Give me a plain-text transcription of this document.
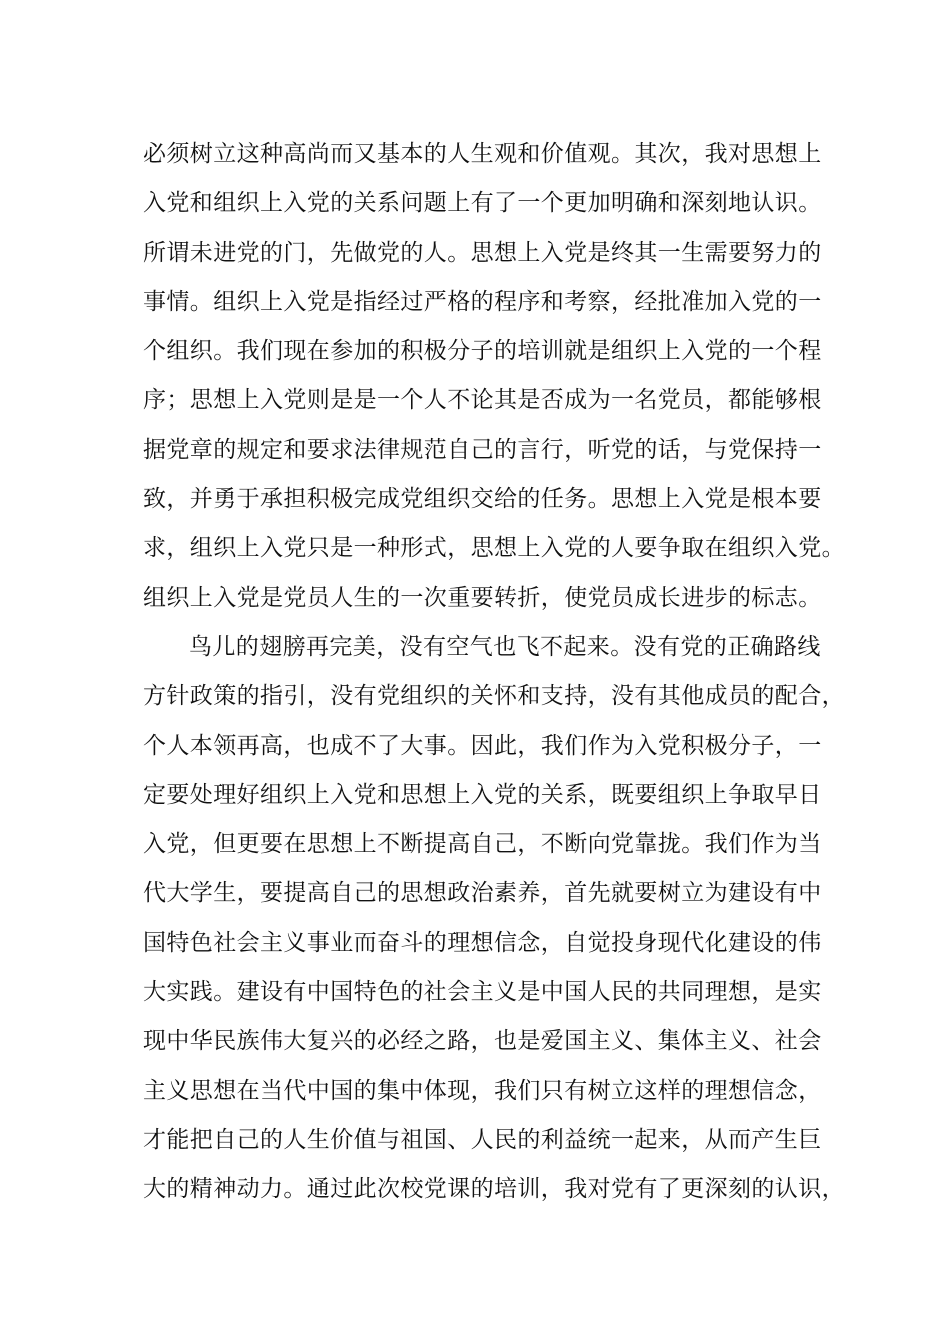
必须树立这种高尚而又基本的人生观和价值观。其次，我对思想上
入党和组织上入党的关系问题上有了一个更加明确和深刻地认识。
所谓未进党的门，先做党的人。思想上入党是终其一生需要努力的
事情。组织上入党是指经过严格的程序和考察，经批准加入党的一
个组织。我们现在参加的积极分子的培训就是组织上入党的一个程
序；思想上入党则是是一个人不论其是否成为一名党员，都能够根
据党章的规定和要求法律规范自己的言行，听党的话，与党保持一
致，并勇于承担积极完成党组织交给的任务。思想上入党是根本要
求，组织上入党只是一种形式，思想上入党的人要争取在组织入党。
组织上入党是党员人生的一次重要转折，使党员成长进步的标志。
鸟儿的翅膀再完美，没有空气也飞不起来。没有党的正确路线
方针政策的指引，没有党组织的关怀和支持，没有其他成员的配合，
个人本领再高，也成不了大事。因此，我们作为入党积极分子，一
定要处理好组织上入党和思想上入党的关系，既要组织上争取早日
入党，但更要在思想上不断提高自己，不断向党靠拢。我们作为当
代大学生，要提高自己的思想政治素养，首先就要树立为建设有中
国特色社会主义事业而奋斗的理想信念，自觉投身现代化建设的伟
大实践。建设有中国特色的社会主义是中国人民的共同理想，是实
现中华民族伟大复兴的必经之路，也是爱国主义、集体主义、社会
主义思想在当代中国的集中体现，我们只有树立这样的理想信念，
才能把自己的人生价值与祖国、人民的利益统一起来，从而产生巨
大的精神动力。通过此次校党课的培训，我对党有了更深刻的认识，
